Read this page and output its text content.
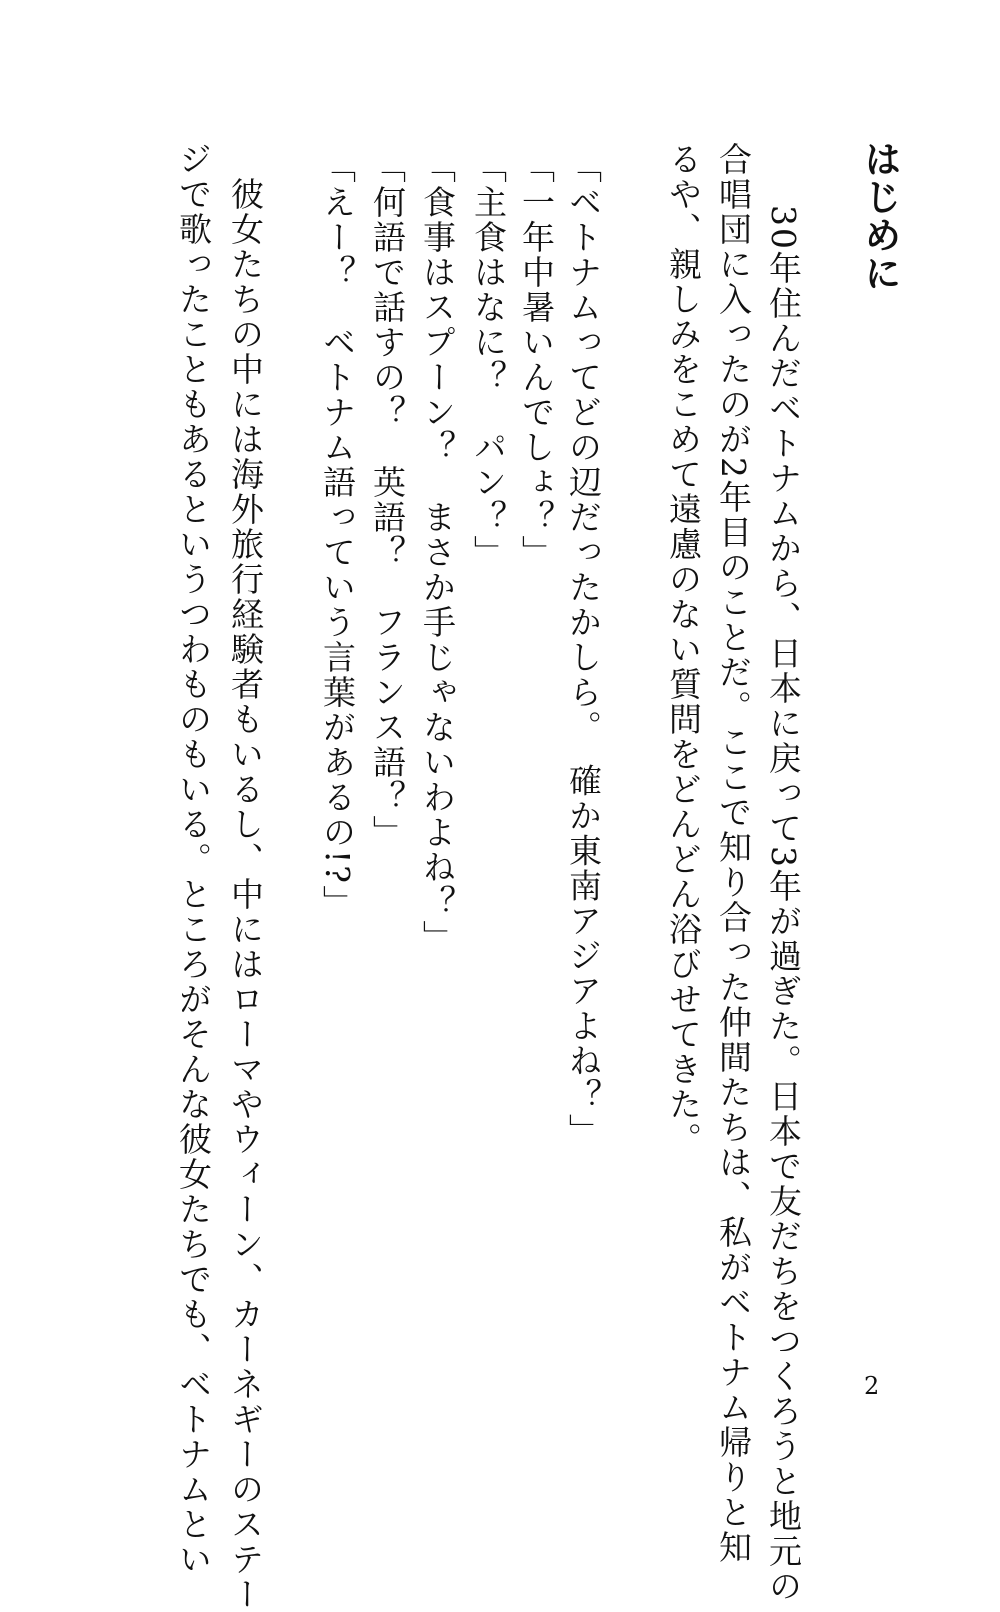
はじめに
　30年住んだベトナムから、日本に戻って3年が過ぎた。日本で友だちをつくろうと地元の
合唱団に入ったのが2年目のことだ。ここで知り合った仲間たちは、私がベトナム帰りと知
るや、親しみをこめて遠慮のない質問をどんどん浴びせてきた。
「ベトナムってどの辺だったかしら。　確か東南アジアよね？」
「一年中暑いんでしょ？」
「主食はなに？　パン？」
「食事はスプーン？　まさか手じゃないわよね？」
「何語で話すの？　英語？　フランス語？」
「えー？　ベトナム語っていう言葉があるの!?」
　彼女たちの中には海外旅行経験者もいるし、中にはローマやウィーン、カーネギーのステー
ジで歌ったこともあるというつわものもいる。ところがそんな彼女たちでも、ベトナムとい	2
